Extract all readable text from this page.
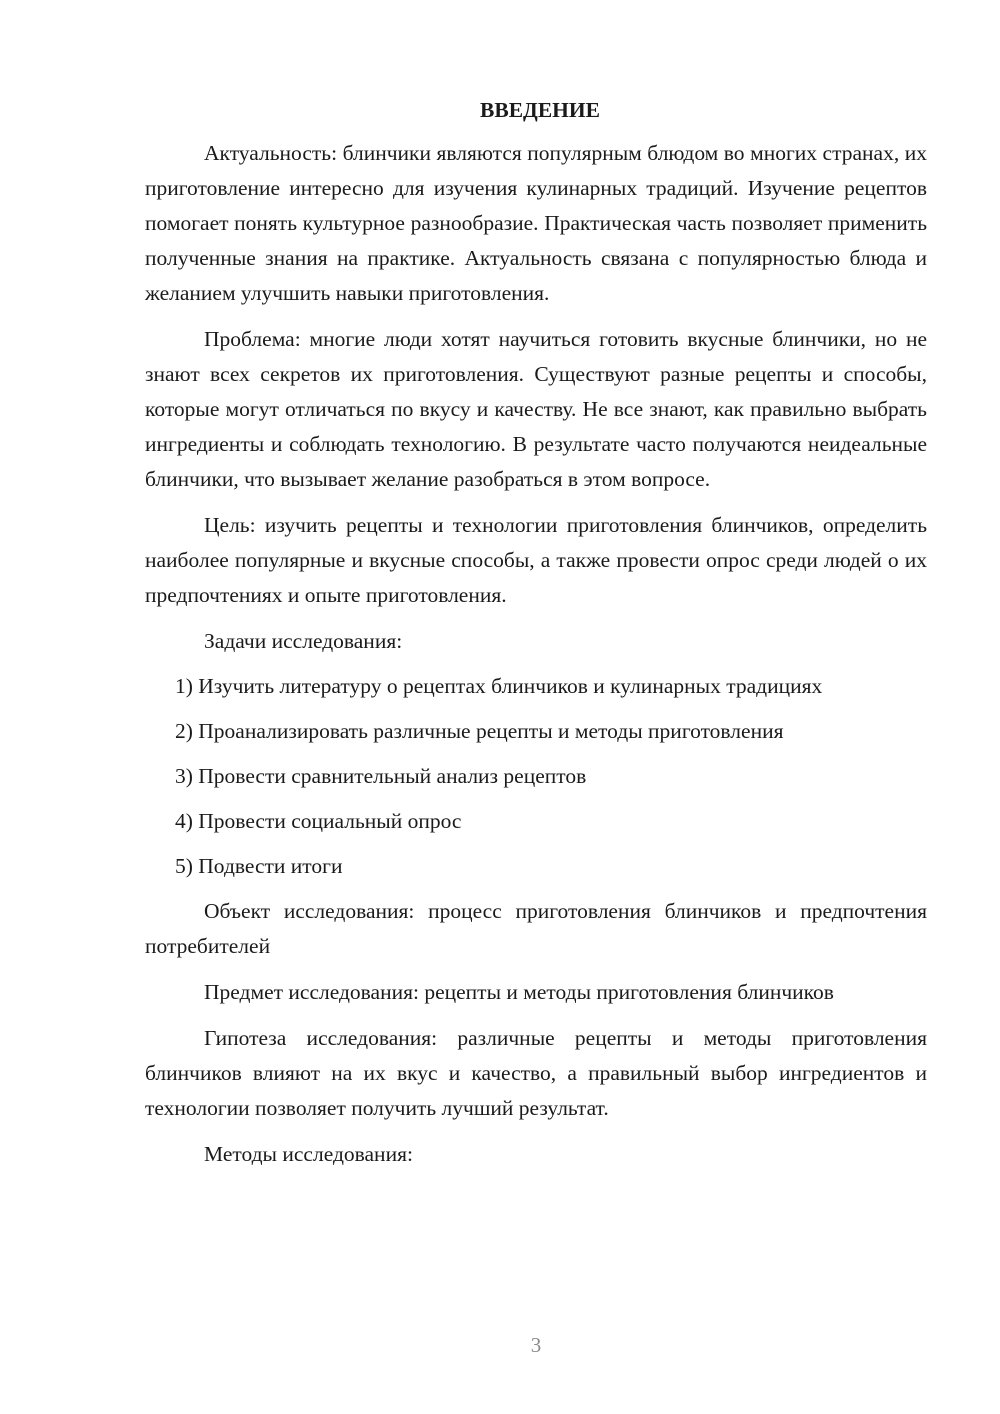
ВВЕДЕНИЕ

Актуальность: блинчики являются популярным блюдом во многих странах, их приготовление интересно для изучения кулинарных традиций. Изучение рецептов помогает понять культурное разнообразие. Практическая часть позволяет применить полученные знания на практике. Актуальность связана с популярностью блюда и желанием улучшить навыки приготовления.

Проблема: многие люди хотят научиться готовить вкусные блинчики, но не знают всех секретов их приготовления. Существуют разные рецепты и способы, которые могут отличаться по вкусу и качеству. Не все знают, как правильно выбрать ингредиенты и соблюдать технологию. В результате часто получаются неидеальные блинчики, что вызывает желание разобраться в этом вопросе.

Цель: изучить рецепты и технологии приготовления блинчиков, определить наиболее популярные и вкусные способы, а также провести опрос среди людей о их предпочтениях и опыте приготовления.

Задачи исследования:
1) Изучить литературу о рецептах блинчиков и кулинарных традициях
2) Проанализировать различные рецепты и методы приготовления
3) Провести сравнительный анализ рецептов
4) Провести социальный опрос
5) Подвести итоги

Объект исследования: процесс приготовления блинчиков и предпочтения потребителей

Предмет исследования: рецепты и методы приготовления блинчиков

Гипотеза исследования: различные рецепты и методы приготовления блинчиков влияют на их вкус и качество, а правильный выбор ингредиентов и технологии позволяет получить лучший результат.

Методы исследования:
3
